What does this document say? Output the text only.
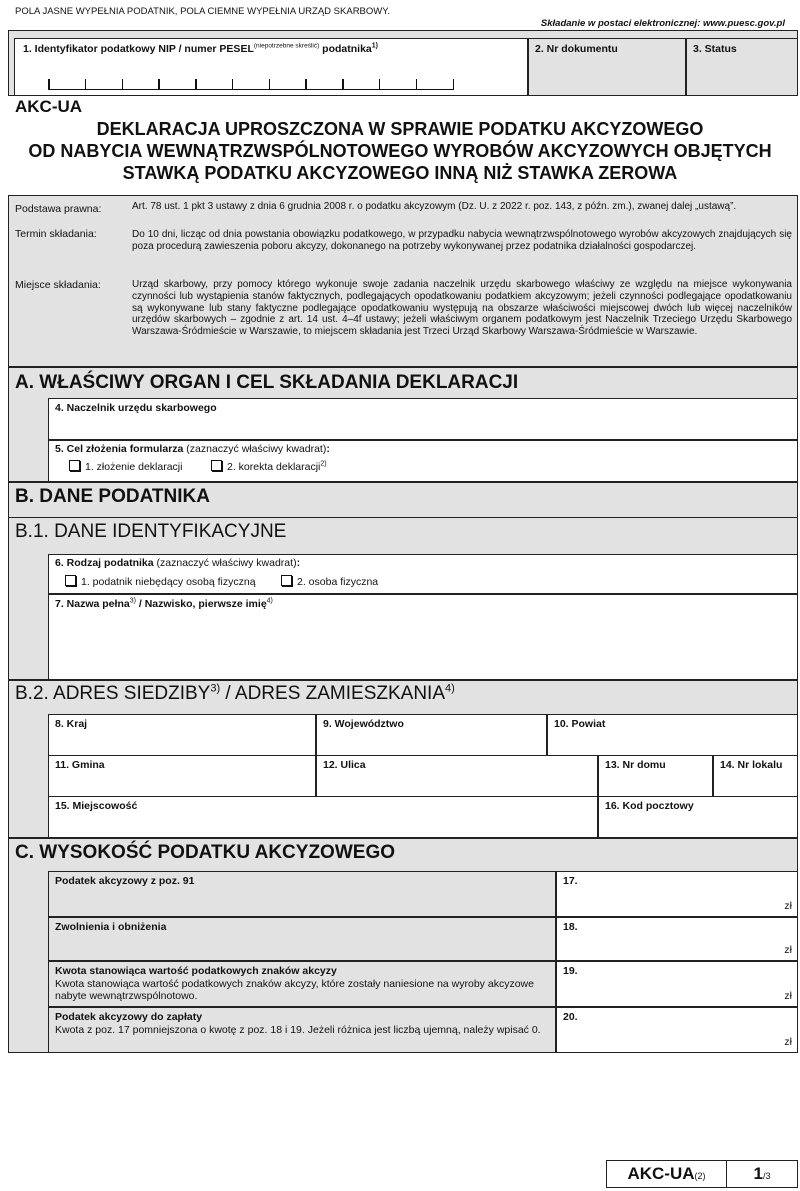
POLA JASNE WYPEŁNIA PODATNIK, POLA CIEMNE WYPEŁNIA URZĄD SKARBOWY.
Składanie w postaci elektronicznej: www.puesc.gov.pl
1. Identyfikator podatkowy NIP / numer $PESEL^{(niepotrzebne skreślić)}$ podatnika$^{1)}$	2. Nr dokumentu	3. Status
AKC-UA
DEKLARACJA UPROSZCZONA W SPRAWIE PODATKU AKCYZOWEGO
OD NABYCIA WEWNĄTRZWSPÓLNOTOWEGO WYROBÓW AKCYZOWYCH OBJĘTYCH
STAWKĄ PODATKU AKCYZOWEGO INNĄ NIŻ STAWKA ZEROWA
Podstawa prawna:	Art. 78 ust. 1 pkt 3 ustawy z dnia 6 grudnia 2008 r. o podatku akcyzowym (Dz. U. z 2022 r. poz. 143, z późn. zm.), zwanej dalej „ustawą”.
Termin składania:	Do 10 dni, licząc od dnia powstania obowiązku podatkowego, w przypadku nabycia wewnątrzwspólnotowego wyrobów akcyzowych znajdujących się poza procedurą zawieszenia poboru akcyzy, dokonanego na potrzeby wykonywanej przez podatnika działalności gospodarczej.
Miejsce składania:	Urząd skarbowy, przy pomocy którego wykonuje swoje zadania naczelnik urzędu skarbowego właściwy ze względu na miejsce wykonywania czynności lub wystąpienia stanów faktycznych, podlegających opodatkowaniu podatkiem akcyzowym; jeżeli czynności podlegające opodatkowaniu są wykonywane lub stany faktyczne podlegające opodatkowaniu występują na obszarze właściwości miejscowej dwóch lub więcej naczelników urzędów skarbowych – zgodnie z art. 14 ust. 4–4f ustawy; jeżeli właściwym organem podatkowym jest Naczelnik Trzeciego Urzędu Skarbowego Warszawa-Śródmieście w Warszawie, to miejscem składania jest Trzeci Urząd Skarbowy Warszawa-Śródmieście w Warszawie.
A. WŁAŚCIWY ORGAN I CEL SKŁADANIA DEKLARACJI
4. Naczelnik urzędu skarbowego
5. Cel złożenia formularza (zaznaczyć właściwy kwadrat):
1. złożenie deklaracji	2. korekta deklaracji$^{2)}$
B. DANE PODATNIKA
B.1. DANE IDENTYFIKACYJNE
6. Rodzaj podatnika (zaznaczyć właściwy kwadrat):
1. podatnik niebędący osobą fizyczną	2. osoba fizyczna
7. Nazwa pełna$^{3)}$ / Nazwisko, pierwsze imię$^{4)}$
B.2. ADRES SIEDZIBY$^{3)}$ / ADRES ZAMIESZKANIA$^{4)}$
8. Kraj	9. Województwo	10. Powiat
11. Gmina	12. Ulica	13. Nr domu	14. Nr lokalu
15. Miejscowość	16. Kod pocztowy
C. WYSOKOŚĆ PODATKU AKCYZOWEGO
Podatek akcyzowy z poz. 91	17.
zł
Zwolnienia i obniżenia	18.
zł
Kwota stanowiąca wartość podatkowych znaków akcyzy
Kwota stanowiąca wartość podatkowych znaków akcyzy, które zostały naniesione na wyroby akcyzowe nabyte wewnątrzwspólnotowo.
19.
zł
Podatek akcyzowy do zapłaty
Kwota z poz. 17 pomniejszona o kwotę z poz. 18 i 19. Jeżeli różnica jest liczbą ujemną, należy wpisać 0.
20.
zł
AKC-UA(2)	1/3
